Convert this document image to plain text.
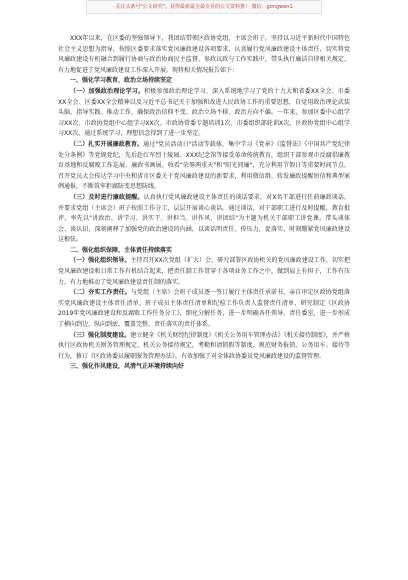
关注头条号"公文研究"，获得最新最全最专业的公文资料推！ 微信：gongwen1

XXX年以来，在区委的坚强领导下，我团结带领区政协党组、主席会班子，坚持以习近平新时代中国特色社会主义思想为指导，按照区委要求落实党风廉政建设各项要求，认真履行党风廉政建设主体责任，切实将党风廉政建设有机融合到履行协商与政治协商民主监督、参政议政与工作实践中，带头执行廉洁自律相关规定，有力地促进了党风廉政建设工作深入开展。现将相关情况报告如下：

一、强化学习教育，政治立场持续坚定

（一）加强政治理论学习。积极参加政治理论学习、深入系统地学习了党的十九大和省委XX全会、市委XX全会、区委XX全会精神以及习近平总书记关于加强和改进人民政协工作的重要思想，自觉用政治理论武装头脑、指导实践、推动工作，确保政治信仰不变、政治立场不移、政治方向不偏。一年来，参加区委中心组学习XX次、市政协党组中心组学习XX次、市政协常委专题培训1次、市委组织部轮训X次，区政协党组中心组学习XX次、通过系统学习，理想信念得到了进一步坚定。

（二）扎实开展廉政教育。通过"党员活动日"活动等载体，集中学习《党章》《监督法》《中国共产党纪律处分条例》等党规党纪，先后赴红军烈士陵园、XXX纪念馆等接受革命传统教育，组织干部参观市反腐倡廉教育基地和反腐败工作巡展、廉政书画展、收看"荣辱两重天"和"阳光问廉"，充分利用节假日等重要时间节点，召开党员大会传达学习中央和省市区委关于党风廉政建设的新要求，利用微信群，转发廉政提醒短信和典型案例通报，不断筑牢拒腐防变思想防线。

（三）及时进行廉政提醒。认真执行党风廉政建设主体责任的谈话要求，对X名干部进行任前廉政谈话，并要求党组（主席会）班子按照工作分工，层层开展谈心谈话。通过谈话，对干部职工进行及时提醒，教育批评。率先以"讲政治、讲学习、讲实干、讲担当、讲作风、讲团结"为主题为机关干部职工讲党课，带头谈体会、谈认识，深刻阐释了加强党的政治建设的内涵，以谈话明责任、传压力，促落实，时刻绷紧党风廉政建设这根弦。

二、强化组织保障，主体责任持续落实

（一）强化组织领导。主持召开XX次党组（扩大）会，研究部署区政协机关的党风廉政建设工作，切实把党风廉政建设和日常工作有机结合起来，把责任制工作贯穿于各项业务工作之中，做到肩上有担子，工作有压力，有力地推动了党风廉政建设责任制的落实。

（二）夯实工作责任。与党组（主席）会班子成员逐一签订履行主体责任承诺书，亲自审定区政协党组落实党风廉政建设主体责任清单、班子成员主体责任清单和纪检工作负责人监督责任清单，研究制定《区政协2019年党风廉政建设和反腐败工作任务分工》，细化分解任务，进一步明确各任领导、责任委室，进一步形成了横向到边、纵向到底、覆盖完整、责任落实的责任体系。

（三）强化制度建设。建立健全《机关财经纪律制度》《机关公务用车管理办法》《机关接待制度》，并严格执行区政协机关财务管理规定，机关公务接待规定，考勤和请销假等制度，规范财务报销、公务用车、接待等行为，修订《区政协委员履职服务管理办法》，有效加强了对全体政协委员党风廉政建设的监督管理。

三、强化作风建设，风清气正环境持续向好
